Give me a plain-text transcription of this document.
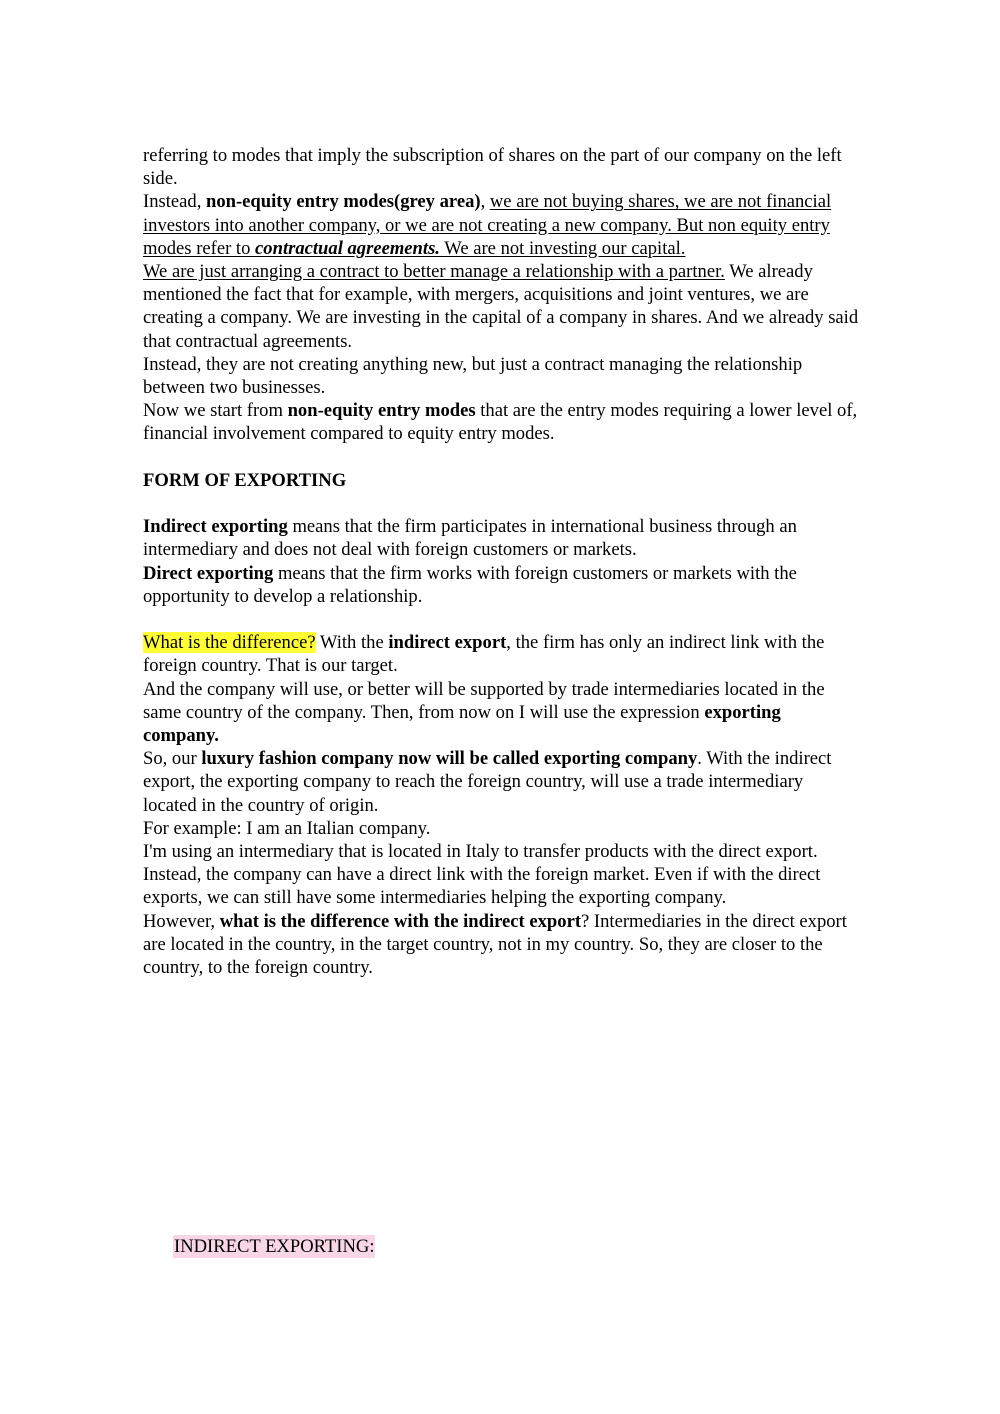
referring to modes that imply the subscription of shares on the part of our company on the left side.

Instead, non-equity entry modes(grey area), we are not buying shares, we are not financial investors into another company, or we are not creating a new company. But non equity entry modes refer to contractual agreements. We are not investing our capital.

We are just arranging a contract to better manage a relationship with a partner. We already mentioned the fact that for example, with mergers, acquisitions and joint ventures, we are creating a company. We are investing in the capital of a company in shares. And we already said that contractual agreements.

Instead, they are not creating anything new, but just a contract managing the relationship between two businesses.

Now we start from non-equity entry modes that are the entry modes requiring a lower level of, financial involvement compared to equity entry modes.

FORM OF EXPORTING

Indirect exporting means that the firm participates in international business through an intermediary and does not deal with foreign customers or markets.

Direct exporting means that the firm works with foreign customers or markets with the opportunity to develop a relationship.

What is the difference? With the indirect export, the firm has only an indirect link with the foreign country. That is our target.

And the company will use, or better will be supported by trade intermediaries located in the same country of the company. Then, from now on I will use the expression exporting company.

So, our luxury fashion company now will be called exporting company. With the indirect export, the exporting company to reach the foreign country, will use a trade intermediary located in the country of origin.

For example: I am an Italian company.

I'm using an intermediary that is located in Italy to transfer products with the direct export. Instead, the company can have a direct link with the foreign market. Even if with the direct exports, we can still have some intermediaries helping the exporting company.

However, what is the difference with the indirect export? Intermediaries in the direct export are located in the country, in the target country, not in my country. So, they are closer to the country, to the foreign country.

INDIRECT EXPORTING:
